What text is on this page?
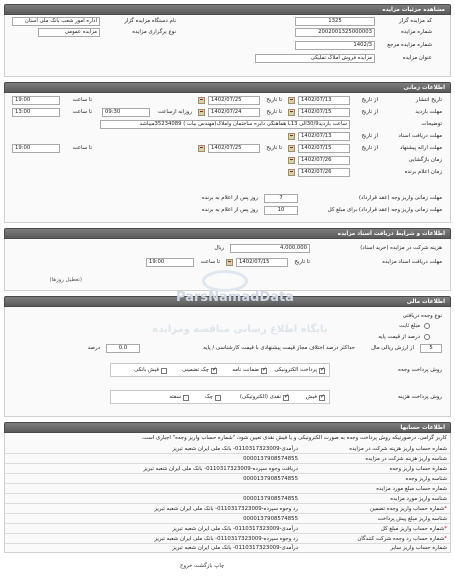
مشاهده جزئیات مزایده
کد مزایده گزار
1325
نام دستگاه مزایده گزار
اداره امور شعب بانک ملی استان
شماره مزایده
2002001325000003
نوع برگزاری مزایده
مزایده عمومی
شماره مزایده مرجع
1402/3
عنوان مزایده
مزایده فروش املاک تملیکی
اطلاعات زمانی
تاریخ انتشار
از تاریخ
1402/07/13
تا تاریخ
1402/07/25
تا ساعت
19:00
مهلت بازدید
از تاریخ
1402/07/15
تا تاریخ
1402/07/24
روزانه ازساعت
09:30
تا ساعت
13:00
توضیحات
ساعت بازدید30/9الی 13با هماهنگی دایره ساختمان واملاک(مهندس بیات ) 35234089میباشد
مهلت دریافت اسناد
از تاریخ
1402/07/13
مهلت ارائه پیشنهاد
از تاریخ
1402/07/15
تا تاریخ
1402/07/25
تا ساعت
19:00
زمان بازگشایی
1402/07/26
زمان اعلام برنده
1402/07/26
مهلت زمانی واریز وجه (عقد قرارداد)
7
روز پس از اعلام به برنده
مهلت زمانی واریز وجه (عقد قرارداد) برای مبلغ کل
10
روز پس از اعلام به برنده
اطلاعات و شرایط دریافت اسناد مزایده
هزینه شرکت در مزایده (خرید اسناد)
4,000,000
ریال
مهلت دریافت اسناد مزایده
تا تاریخ
1402/07/15
تا ساعت
19:00
(تعطیل روزها)
اطلاعات مالی
نوع وجه‌ه دریافتی
مبلغ ثابت
درصد از قیمت پایه
5
از ارزش ریالی مال
حداکثر درصد اختلاف مجاز قیمت پیشنهادی با قیمت کارشناسی / پایه
0.0
درصد
روش پرداخت وجه‌ه
✓
پرداخت الکترونیکی
✓
ضمانت نامه
✓
چک تضمینی
فیش بانکی
روش پرداخت هزینه
✓
فیش
✓
نقدی (الکترونیکی)
چک
سفته
اطلاعات حسابها
کاربر گرامی، درصورتیکه روش پرداخت وجه‌ه به صورت الکترونیکی و یا فیش نقدی تعیین شود، "شماره حساب واریز وجه‌ه" اجباری است.
شماره حساب واریز هزینه شرکت در مزایده
درآمدی-0110317323009- بانک ملی ایران شعبه تبریز
شناسه واریز هزینه شرکت در مزایده
0000137908574855
شماره حساب واریز وجه‌ه
دریافت وجوه سپرده-0110317323009- بانک ملی ایران شعبه تبریز
شناسه واریز وجه‌ه
0000137908574855
شماره حساب مبلغ مورد مزایده
شناسه واریز مورد مزایده
0000137908574855
*شماره حساب واریز وجه‌ه تضمین
رد وجوه سپرده-0110317323009- بانک ملی ایران شعبه تبریز
شناسه واریز مبلغ پیش پرداخت
0000137908574855
*شماره حساب واریز مبلغ کل
درآمدی-0110317323009- بانک ملی ایران شعبه تبریز
*شماره حساب رد وجه‌ه شرکت کنندگان
رد وجوه سپرده-0110317323009- بانک ملی ایران شعبه تبریز
شماره حساب واریز سایر
درآمدی-0110317323009- بانک ملی ایران شعبه تبریز
ParsNamadData
پایگاه اطلاع رسانی مناقصه ومزایده
چاپ بازگشت خروج
